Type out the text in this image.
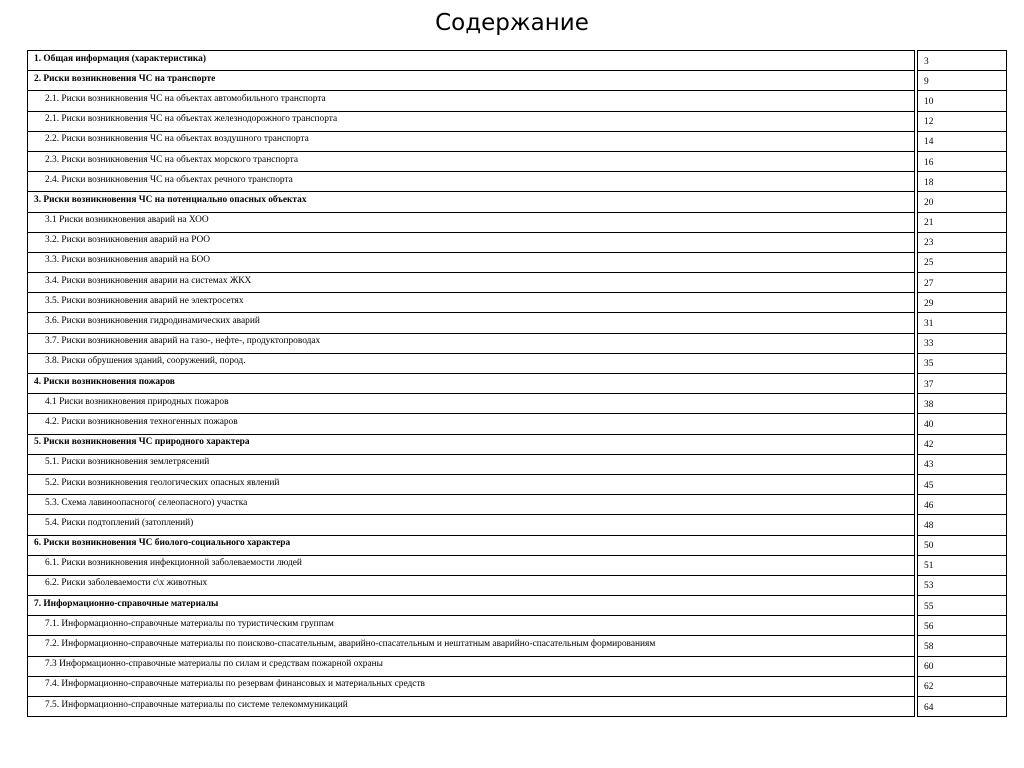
Содержание
1. Общая информация (характеристика)		3
2. Риски возникновения ЧС на транспорте		9
2.1. Риски возникновения ЧС на объектах автомобильного транспорта		10
2.1. Риски возникновения ЧС на объектах железнодорожного транспорта		12
2.2. Риски возникновения ЧС на объектах воздушного транспорта		14
2.3. Риски возникновения ЧС на объектах морского транспорта		16
2.4. Риски возникновения ЧС на объектах речного транспорта		18
3. Риски возникновения ЧС на потенциально опасных объектах		20
3.1 Риски возникновения аварий на ХОО		21
3.2. Риски возникновения аварий на РОО		23
3.3. Риски возникновения аварий на БОО		25
3.4. Риски возникновения аварии на системах ЖКХ		27
3.5. Риски возникновения аварий не электросетях		29
3.6. Риски возникновения гидродинамических аварий		31
3.7. Риски возникновения аварий на газо-, нефте-, продуктопроводах		33
3.8. Риски обрушения зданий, сооружений, пород.		35
4. Риски возникновения пожаров		37
4.1 Риски возникновения природных пожаров		38
4.2. Риски возникновения техногенных пожаров		40
5. Риски возникновения ЧС природного характера		42
5.1. Риски возникновения землетрясений		43
5.2. Риски возникновения геологических опасных явлений		45
5.3. Схема лавиноопасного( селеопасного) участка		46
5.4. Риски подтоплений (затоплений)		48
6. Риски возникновения ЧС биолого-социального характера		50
6.1. Риски возникновения инфекционной заболеваемости людей		51
6.2. Риски заболеваемости с\х животных		53
7. Информационно-справочные материалы		55
7.1. Информационно-справочные материалы по туристическим группам		56
7.2. Информационно-справочные материалы по поисково-спасательным, аварийно-спасательным и нештатным аварийно-спасательным формированиям		58
7.3 Информационно-справочные материалы по силам и средствам пожарной охраны		60
7.4. Информационно-справочные материалы по резервам финансовых и материальных средств		62
7.5. Информационно-справочные материалы по системе телекоммуникаций		64
